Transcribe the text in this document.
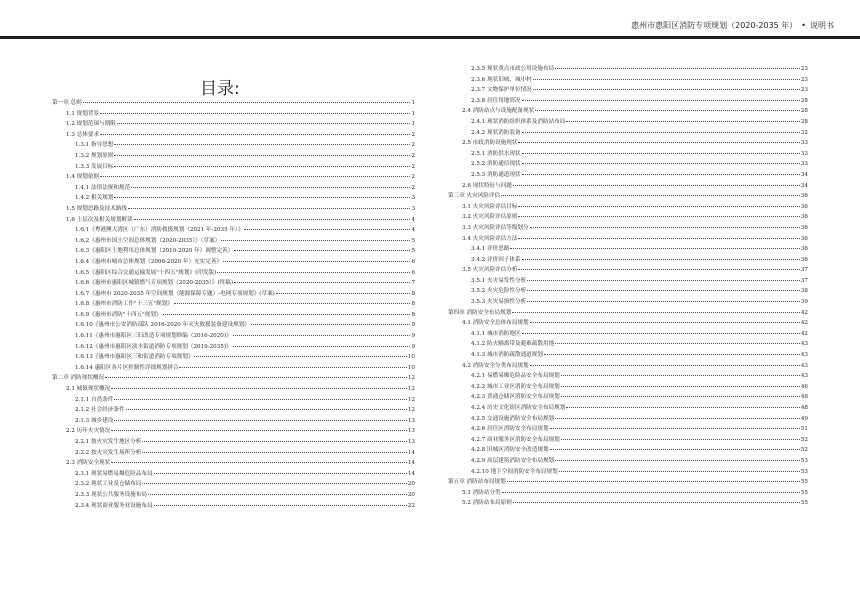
惠州市惠阳区消防专项规划（2020-2035 年） • 说明书
目录:
第一章 总则	1
1.1 规划背景	1
1.2 规划范围与期限	1
1.3 总体要求	2
1.3.1 指导思想	2
1.3.2 规划原则	2
1.3.3 发展目标	2
1.4 规划依据	2
1.4.1 法律法规和规范	2
1.4.2 相关规划	3
1.5 规划思路及技术路线	3
1.6 上层次及相关规划解读	4
1.6.1《粤港澳大湾区（广东）消防救援规划（2021 年-2035 年）》	4
1.6.2《惠州市国土空间总体规划（2020-2035）》（草案）	5
1.6.3《惠阳区土地利用总体规划（2010-2020 年）调整完善》	5
1.6.4《惠州市城市总体规划（2006-2020 年）充实完善》	6
1.6.5《惠阳区综合交通运输发展"十四五"规划》(印发版)	6
1.6.6《惠州市惠阳区城镇燃气专项规划（2020-2035）》(终稿)	7
1.6.7《惠州市 2020-2035 年空间规划（能源保障专题）-电网专项规划》(草案)	8
1.6.8《惠州市消防工作"十三五"规划》	8
1.6.9《惠州市消防"十四五"规划》	8
1.6.10《惠州市公安消防部队 2016-2020 年灭火救援装备建设规划》	9
1.6.11《惠州市惠阳区三旧改造专项规划修编（2016-2020)》	9
1.6.12《惠州市惠阳区淡水街道消防专项规划（2019-2035)》	9
1.6.13《惠州市惠阳区三和街道消防专项规划》	10
1.6.14 惠阳区各片区控制性详细规划拼合	10
第二章 消防现状概况	12
2.1 城镇现状概况	12
2.1.1 自然条件	12
2.1.2 社会经济条件	12
2.1.3 城乡建设	13
2.2 历年火灾情况	13
2.2.1 按火灾发生地区分析	13
2.2.2 按火灾发生场所分析	14
2.3 消防安全现状	14
2.3.1 现状易燃易爆危险品布局	14
2.3.2 现状工业及仓储布局	20
2.3.3 现状公共服务设施布局	20
2.3.4 现状商业服务业设施布局	22
2.3.5 现状重点市政公用设施布局	23
2.3.6 现状旧城、城中村	23
2.3.7 文物保护单位情况	23
2.3.8 居住用地情况	28
2.4 消防站点与设施配备现状	28
2.4.1 现状消防组织体系及消防站布局	28
2.4.2 现状消防装备	32
2.5 市政消防设施现状	33
2.5.1 消防供水现状	33
2.5.2 消防通信现状	33
2.5.3 消防通道现状	34
2.6 现状特征与问题	34
第三章 火灾风险评估	36
3.1 火灾风险评估目标	36
3.2 火灾风险评估原则	36
3.3 火灾风险评估等级划分	36
3.4 火灾风险评估方法	36
3.4.1 评价思路	36
3.4.2 评价因子体系	36
3.5 火灾风险评估分析	37
3.5.1 火灾易发性分析	37
3.5.2 火灾危险性分析	38
3.5.3 火灾易损性分析	39
第四章 消防安全布局规划	42
4.1 消防安全总体布局规划	42
4.1.1 城市消防地区	42
4.1.2 防火隔离带及避难疏散用地	43
4.1.3 城市消防疏散通道规划	43
4.2 消防安全分类布局规划	43
4.2.1 易燃易爆危险品安全布局规划	43
4.2.2 城市工业区消防安全布局规划	46
4.2.3 普通仓储区消防安全布局规划	48
4.2.4 历史文化街区消防安全布局规划	48
4.2.5 交通设施消防安全布局规划	49
4.2.6 居住区消防安全布局规划	51
4.2.7 商业服务区消防安全布局规划	52
4.2.8 旧城区消防安全改造规划	52
4.2.9 高层建筑消防安全布局规划	53
4.2.10 地下空间消防安全布局规划	53
第五章 消防站布局规划	55
5.1 消防站分类	55
5.2 消防站布局原则	55
